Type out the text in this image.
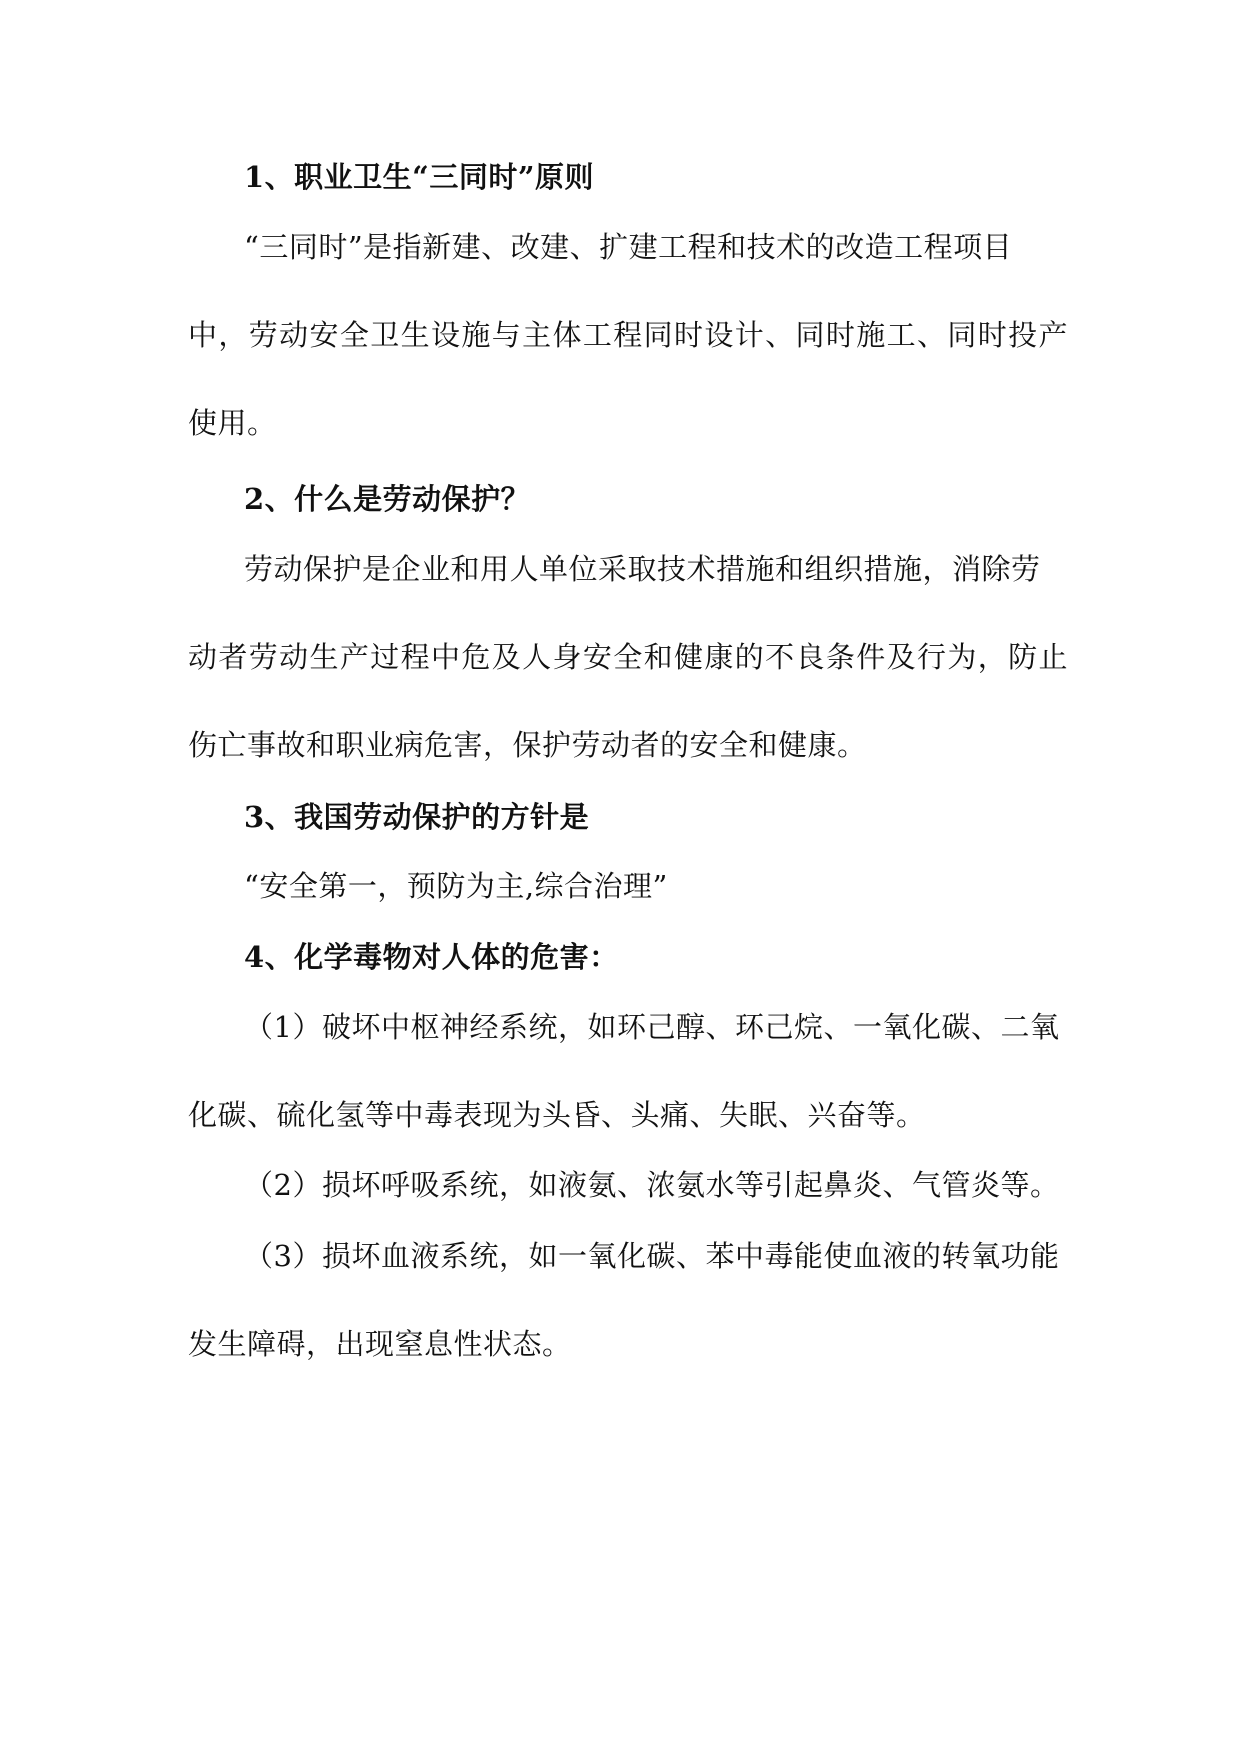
1、职业卫生“三同时”原则
“三同时”是指新建、改建、扩建工程和技术的改造工程项目
中，劳动安全卫生设施与主体工程同时设计、同时施工、同时投产
使用。
2、什么是劳动保护？
劳动保护是企业和用人单位采取技术措施和组织措施，消除劳
动者劳动生产过程中危及人身安全和健康的不良条件及行为，防止
伤亡事故和职业病危害，保护劳动者的安全和健康。
3、我国劳动保护的方针是
“安全第一，预防为主,综合治理”
4、化学毒物对人体的危害：
（1）破坏中枢神经系统，如环己醇、环己烷、一氧化碳、二氧
化碳、硫化氢等中毒表现为头昏、头痛、失眠、兴奋等。
（2）损坏呼吸系统，如液氨、浓氨水等引起鼻炎、气管炎等。
（3）损坏血液系统，如一氧化碳、苯中毒能使血液的转氧功能
发生障碍，出现窒息性状态。
